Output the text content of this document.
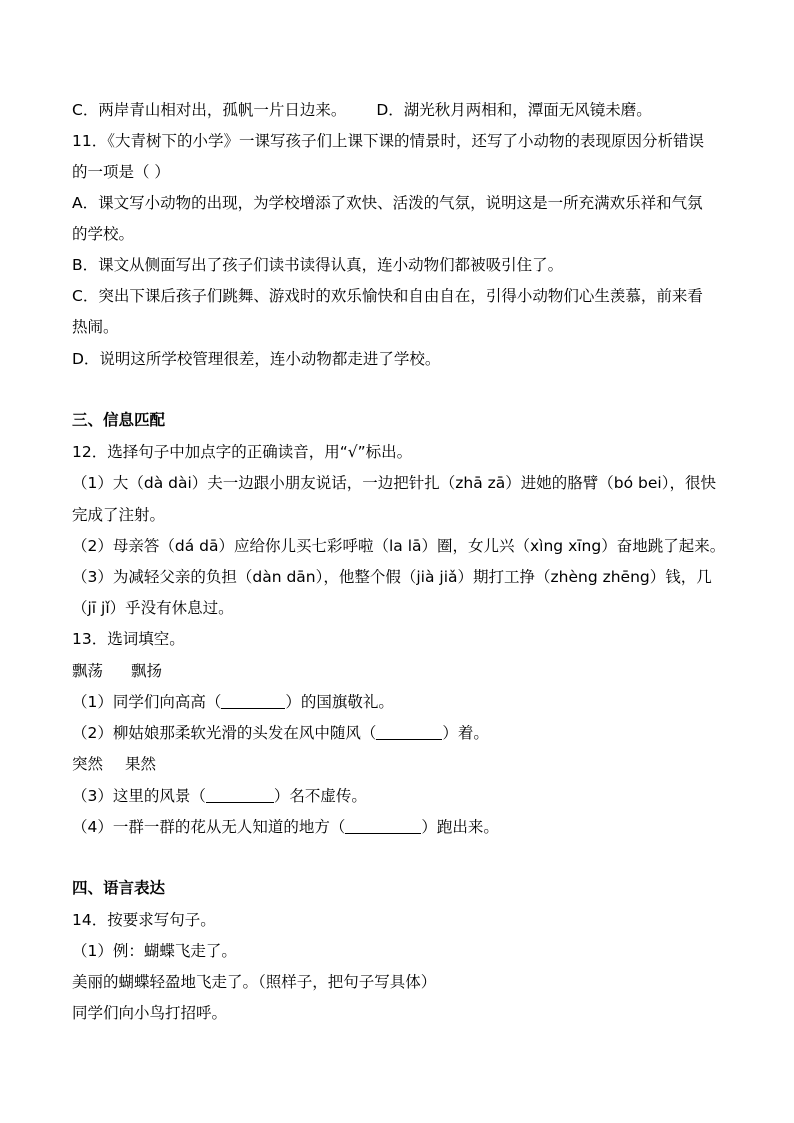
C．两岸青山相对出，孤帆一片日边来。 D．湖光秋月两相和，潭面无风镜未磨。
11．《大青树下的小学》一课写孩子们上课下课的情景时，还写了小动物的表现原因分析错误
的一项是（ ）
A．课文写小动物的出现，为学校增添了欢快、活泼的气氛，说明这是一所充满欢乐祥和气氛
的学校。
B．课文从侧面写出了孩子们读书读得认真，连小动物们都被吸引住了。
C．突出下课后孩子们跳舞、游戏时的欢乐愉快和自由自在，引得小动物们心生羡慕，前来看
热闹。
D．说明这所学校管理很差，连小动物都走进了学校。
三、信息匹配
12．选择句子中加点字的正确读音，用“√”标出。
（1）大（dà dài）夫一边跟小朋友说话，一边把针扎（zhā zā）进她的胳臂（bó bei），很快
完成了注射。
（2）母亲答（dá dā）应给你儿买七彩呼啦（la lā）圈，女儿兴（xìng xīng）奋地跳了起来。
（3）为减轻父亲的负担（dàn dān），他整个假（jià jiǎ）期打工挣（zhèng zhēng）钱，几
（jī jǐ）乎没有休息过。
13．选词填空。
飘荡 飘扬
（1）同学们向高高（	）的国旗敬礼。
（2）柳姑娘那柔软光滑的头发在风中随风（	）着。
突然 果然
（3）这里的风景（	）名不虚传。
（4）一群一群的花从无人知道的地方（	）跑出来。
四、语言表达
14．按要求写句子。
（1）例：蝴蝶飞走了。
美丽的蝴蝶轻盈地飞走了。（照样子，把句子写具体）
同学们向小鸟打招呼。
